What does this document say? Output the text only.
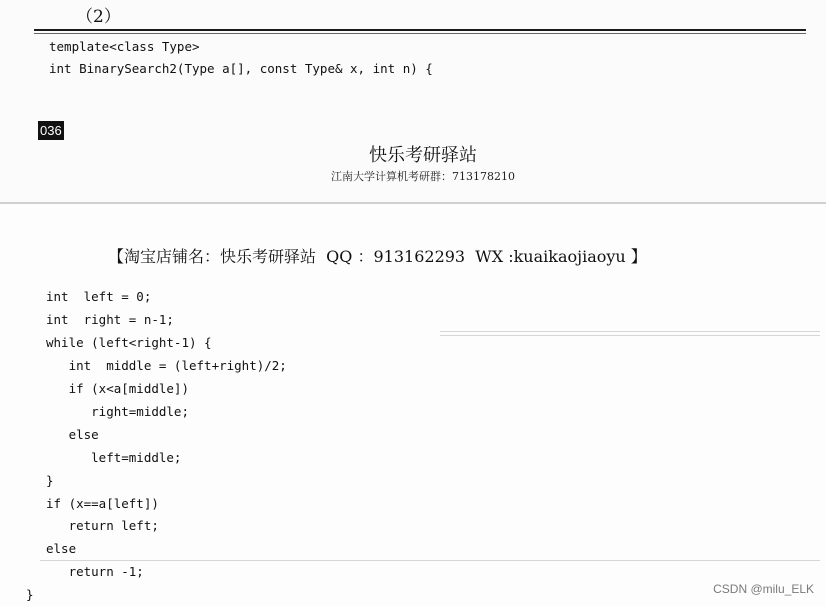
（2）
template<class Type>
int BinarySearch2(Type a[], const Type& x, int n) {
036
快乐考研驿站
江南大学计算机考研群：713178210
【淘宝店铺名：快乐考研驿站  QQ ：913162293  WX :kuaikaojiaoyu 】
int  left = 0;
int  right = n-1;
while (left<right-1) {
int  middle = (left+right)/2;
if (x<a[middle])
right=middle;
else
left=middle;
}
if (x==a[left])
return left;
else
return -1;
}	CSDN @milu_ELK
